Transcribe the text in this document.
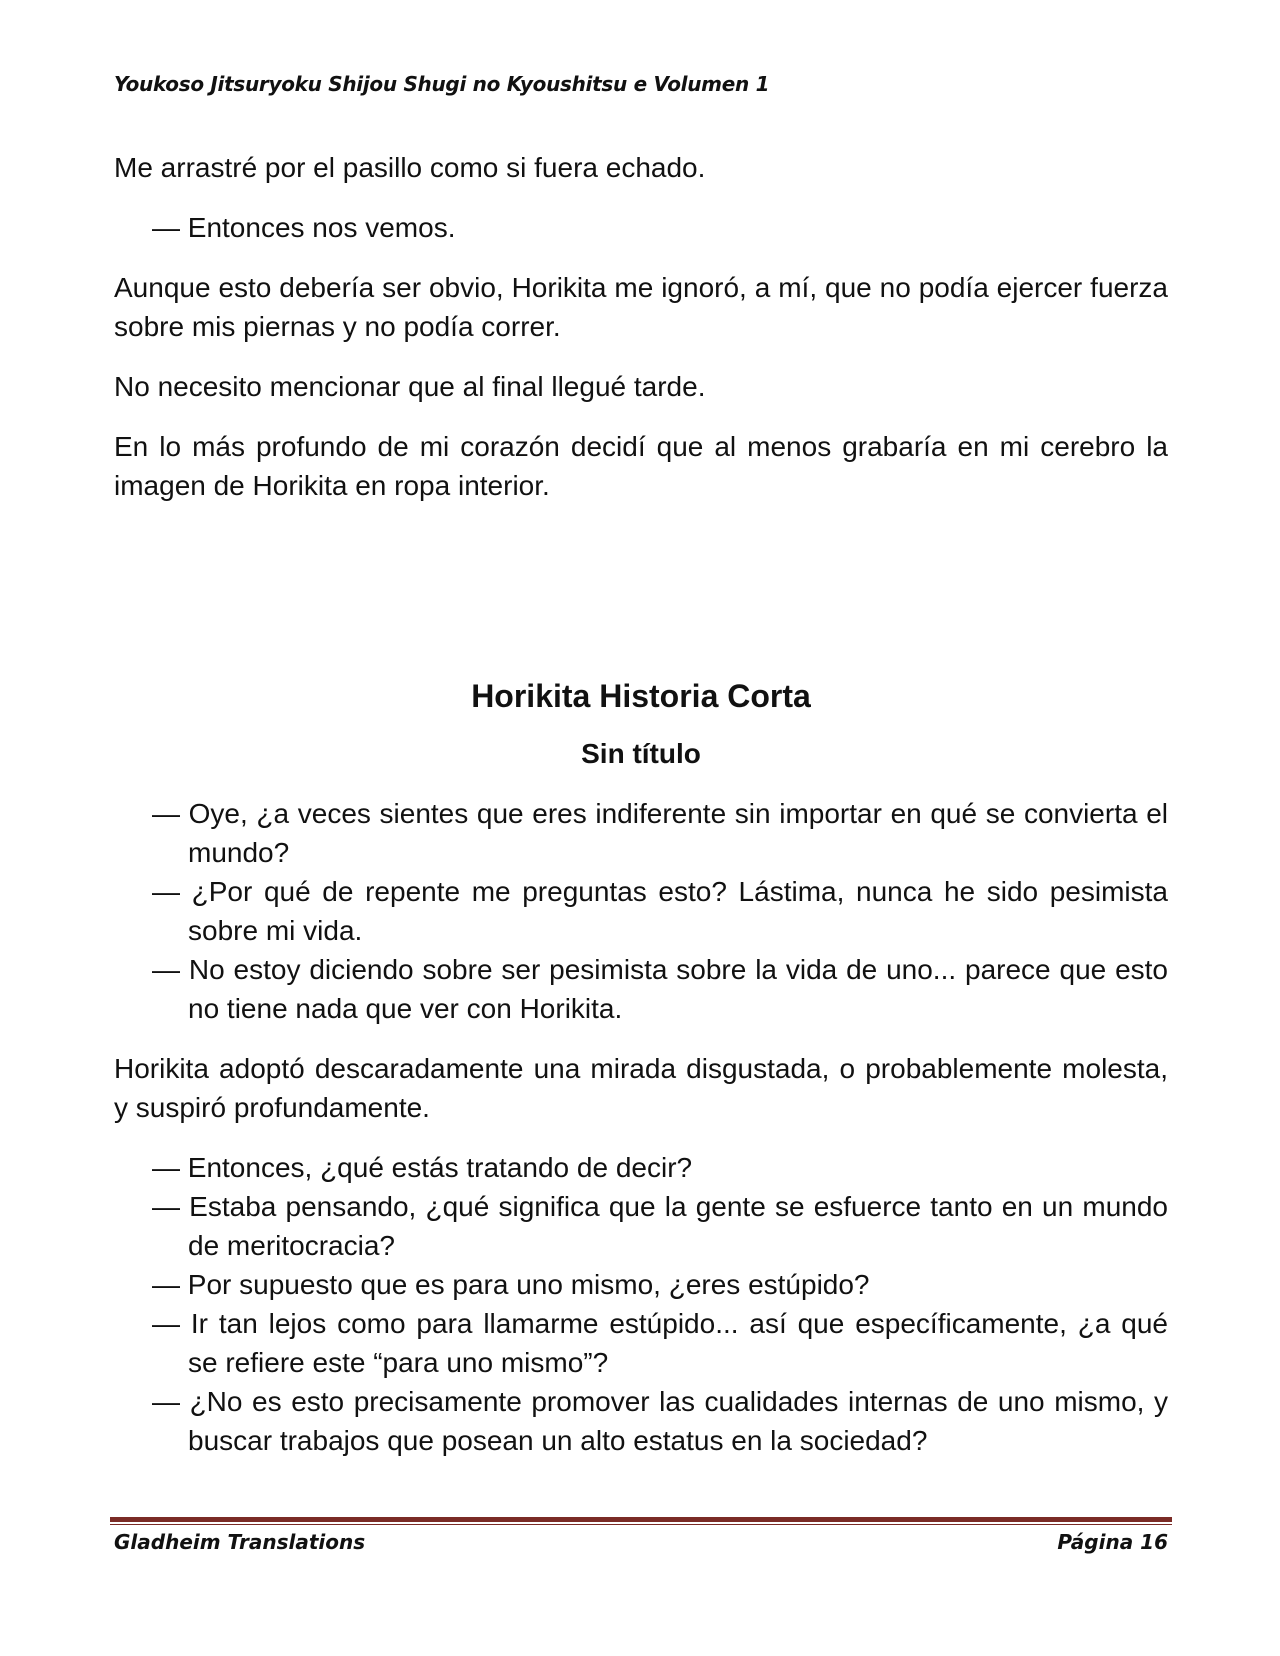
Youkoso Jitsuryoku Shijou Shugi no Kyoushitsu e Volumen 1

Me arrastré por el pasillo como si fuera echado.

— Entonces nos vemos.

Aunque esto debería ser obvio, Horikita me ignoró, a mí, que no podía ejercer fuerza sobre mis piernas y no podía correr.

No necesito mencionar que al final llegué tarde.

En lo más profundo de mi corazón decidí que al menos grabaría en mi cerebro la imagen de Horikita en ropa interior.

Horikita Historia Corta
Sin título

— Oye, ¿a veces sientes que eres indiferente sin importar en qué se convierta el mundo?

— ¿Por qué de repente me preguntas esto? Lástima, nunca he sido pesimista sobre mi vida.

— No estoy diciendo sobre ser pesimista sobre la vida de uno... parece que esto no tiene nada que ver con Horikita.

Horikita adoptó descaradamente una mirada disgustada, o probablemente molesta, y suspiró profundamente.

— Entonces, ¿qué estás tratando de decir?

— Estaba pensando, ¿qué significa que la gente se esfuerce tanto en un mundo de meritocracia?

— Por supuesto que es para uno mismo, ¿eres estúpido?

— Ir tan lejos como para llamarme estúpido... así que específicamente, ¿a qué se refiere este “para uno mismo”?

— ¿No es esto precisamente promover las cualidades internas de uno mismo, y buscar trabajos que posean un alto estatus en la sociedad?

Gladheim Translations	Página 16
